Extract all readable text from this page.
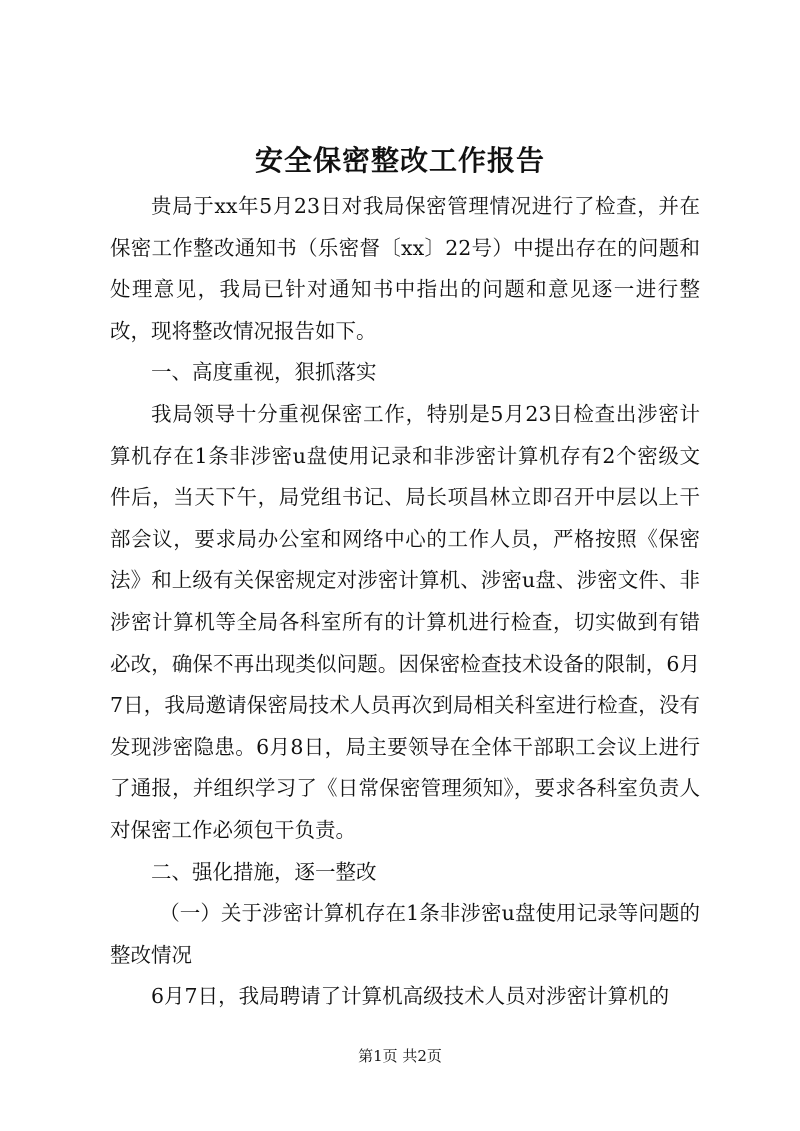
安全保密整改工作报告

贵局于xx年5月23日对我局保密管理情况进行了检查，并在保密工作整改通知书（乐密督〔xx〕22号）中提出存在的问题和处理意见，我局已针对通知书中指出的问题和意见逐一进行整改，现将整改情况报告如下。

一、高度重视，狠抓落实

我局领导十分重视保密工作，特别是5月23日检查出涉密计算机存在1条非涉密u盘使用记录和非涉密计算机存有2个密级文件后，当天下午，局党组书记、局长项昌林立即召开中层以上干部会议，要求局办公室和网络中心的工作人员，严格按照《保密法》和上级有关保密规定对涉密计算机、涉密u盘、涉密文件、非涉密计算机等全局各科室所有的计算机进行检查，切实做到有错必改，确保不再出现类似问题。因保密检查技术设备的限制，6月7日，我局邀请保密局技术人员再次到局相关科室进行检查，没有发现涉密隐患。6月8日，局主要领导在全体干部职工会议上进行了通报，并组织学习了《日常保密管理须知》，要求各科室负责人对保密工作必须包干负责。

二、强化措施，逐一整改

（一）关于涉密计算机存在1条非涉密u盘使用记录等问题的整改情况

6月7日，我局聘请了计算机高级技术人员对涉密计算机的

第1页 共2页
